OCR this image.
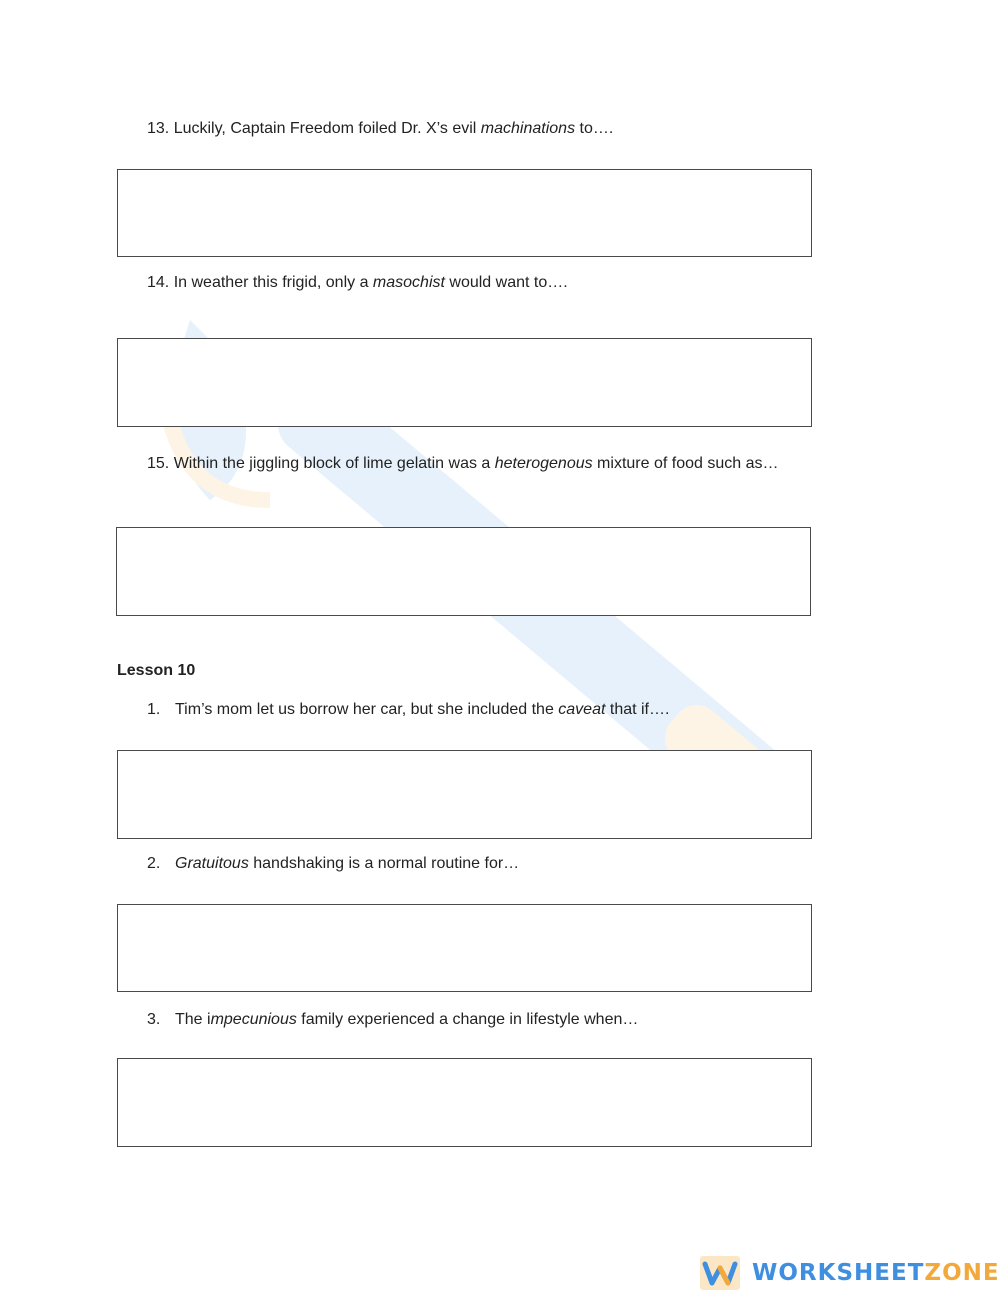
13. Luckily, Captain Freedom foiled Dr. X’s evil machinations to….
14. In weather this frigid, only a masochist would want to….
15. Within the jiggling block of lime gelatin was a heterogenous mixture of food such as…
Lesson 10
1. Tim’s mom let us borrow her car, but she included the caveat that if….
2. Gratuitous handshaking is a normal routine for…
3. The impecunious family experienced a change in lifestyle when…
WORKSHEETZONE
